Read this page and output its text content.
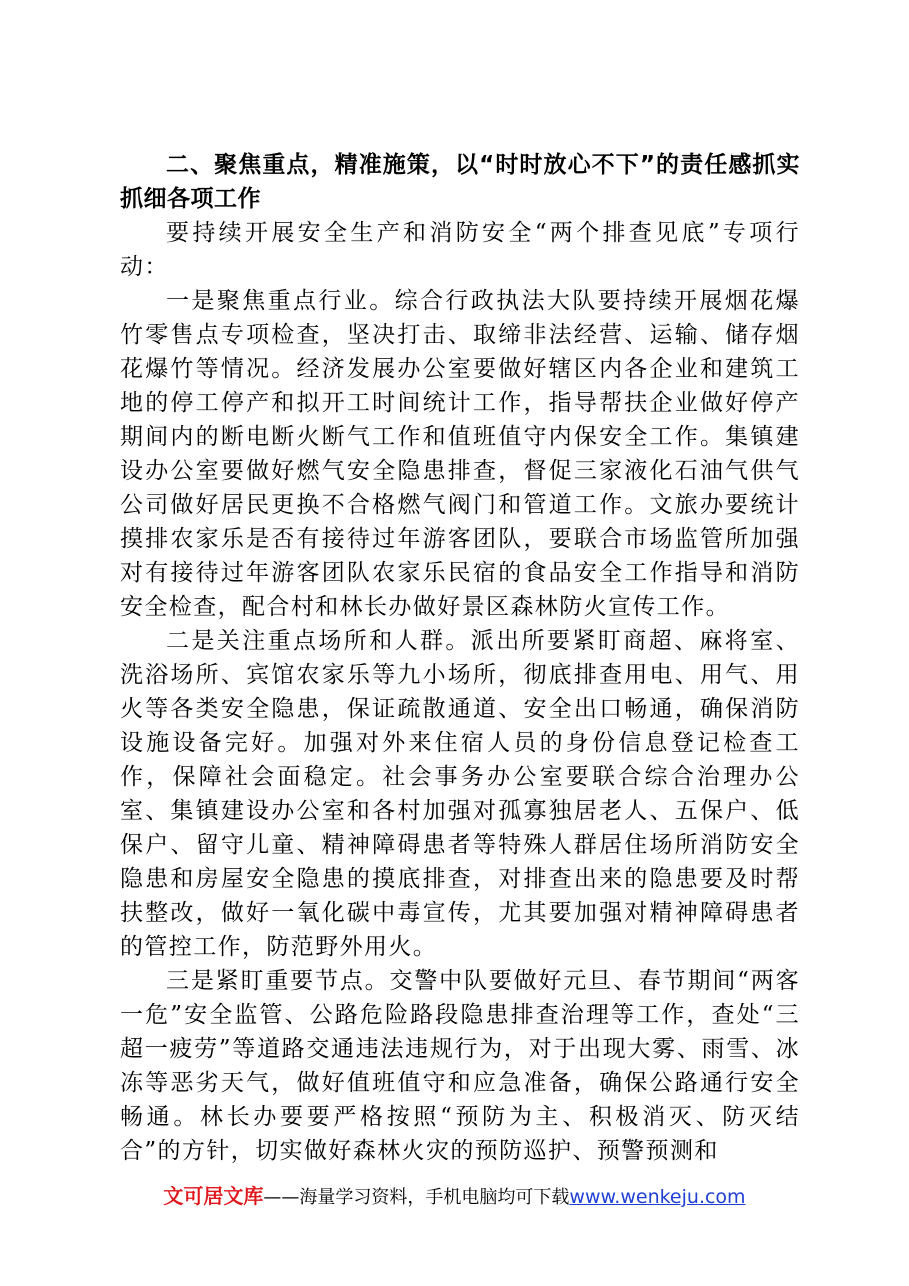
二、聚焦重点，精准施策，以“时时放心不下”的责任感抓实抓细各项工作

要持续开展安全生产和消防安全“两个排查见底”专项行动：

一是聚焦重点行业。综合行政执法大队要持续开展烟花爆竹零售点专项检查，坚决打击、取缔非法经营、运输、储存烟花爆竹等情况。经济发展办公室要做好辖区内各企业和建筑工地的停工停产和拟开工时间统计工作，指导帮扶企业做好停产期间内的断电断火断气工作和值班值守内保安全工作。集镇建设办公室要做好燃气安全隐患排查，督促三家液化石油气供气公司做好居民更换不合格燃气阀门和管道工作。文旅办要统计摸排农家乐是否有接待过年游客团队，要联合市场监管所加强对有接待过年游客团队农家乐民宿的食品安全工作指导和消防安全检查，配合村和林长办做好景区森林防火宣传工作。

二是关注重点场所和人群。派出所要紧盯商超、麻将室、洗浴场所、宾馆农家乐等九小场所，彻底排查用电、用气、用火等各类安全隐患，保证疏散通道、安全出口畅通，确保消防设施设备完好。加强对外来住宿人员的身份信息登记检查工作，保障社会面稳定。社会事务办公室要联合综合治理办公室、集镇建设办公室和各村加强对孤寡独居老人、五保户、低保户、留守儿童、精神障碍患者等特殊人群居住场所消防安全隐患和房屋安全隐患的摸底排查，对排查出来的隐患要及时帮扶整改，做好一氧化碳中毒宣传，尤其要加强对精神障碍患者的管控工作，防范野外用火。

三是紧盯重要节点。交警中队要做好元旦、春节期间“两客一危”安全监管、公路危险路段隐患排查治理等工作，查处“三超一疲劳”等道路交通违法违规行为，对于出现大雾、雨雪、冰冻等恶劣天气，做好值班值守和应急准备，确保公路通行安全畅通。林长办要要严格按照“预防为主、积极消灭、防灭结合”的方针，切实做好森林火灾的预防巡护、预警预测和

文可居文库——海量学习资料，手机电脑均可下载www.wenkeju.com
